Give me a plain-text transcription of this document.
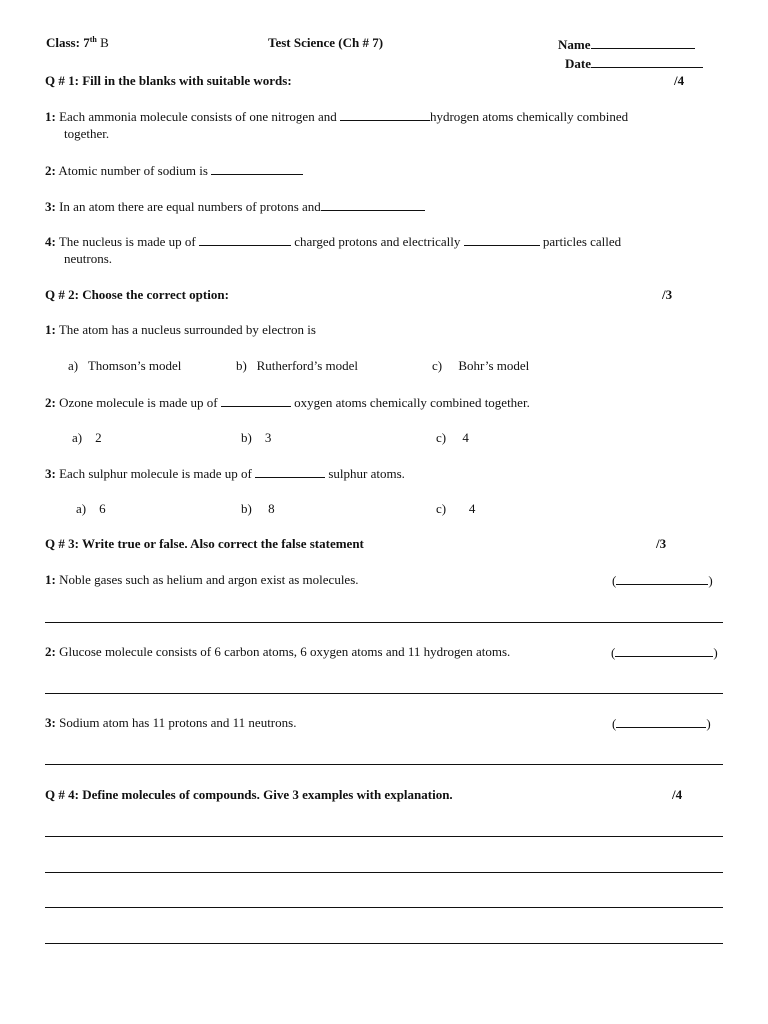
Class: 7th B	Test Science (Ch # 7)	Name
Date
Q # 1: Fill in the blanks with suitable words:	/4
1: Each ammonia molecule consists of one nitrogen and	hydrogen atoms chemically combined
together.
2: Atomic number of sodium is
3: In an atom there are equal numbers of protons and
4: The nucleus is made up of	charged protons and electrically	particles called
neutrons.
Q # 2: Choose the correct option:	/3
1: The atom has a nucleus surrounded by electron is
a) Thomson’s model	b) Rutherford’s model	c) Bohr’s model
2: Ozone molecule is made up of	oxygen atoms chemically combined together.
a) 2	b) 3	c) 4
3: Each sulphur molecule is made up of	sulphur atoms.
a) 6	b) 8	c) 4
Q # 3: Write true or false. Also correct the false statement	/3
1: Noble gases such as helium and argon exist as molecules.	(	)
2: Glucose molecule consists of 6 carbon atoms, 6 oxygen atoms and 11 hydrogen atoms.	(	)
3: Sodium atom has 11 protons and 11 neutrons.	(	)
Q # 4: Define molecules of compounds. Give 3 examples with explanation.	/4
